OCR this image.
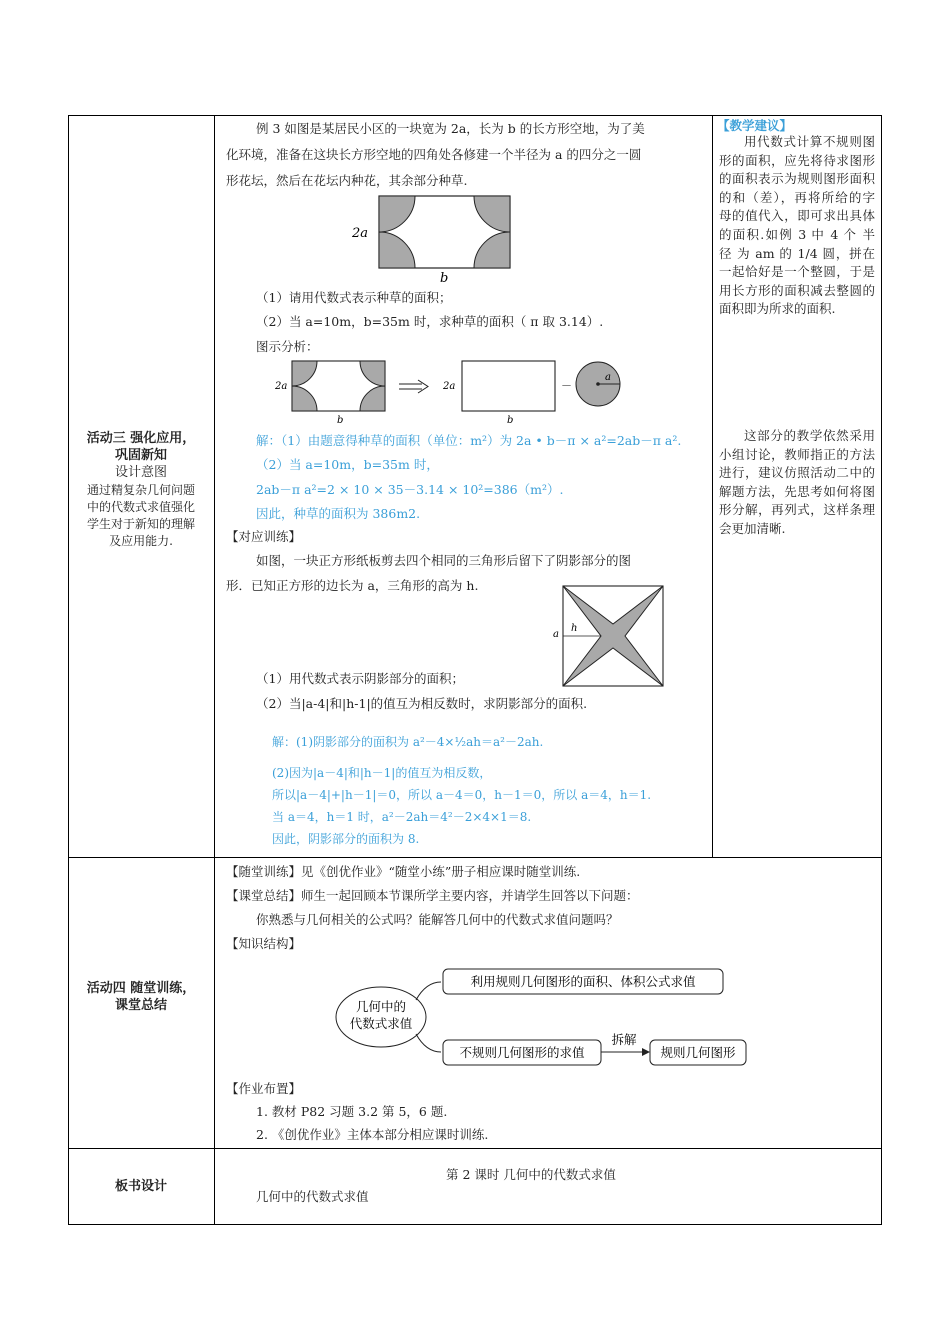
活动三 强化应用，
巩固新知
设计意图
通过精复杂几何问题
中的代数式求值强化
学生对于新知的理解
及应用能力.
活动四 随堂训练，
课堂总结
板书设计
例 3 如图是某居民小区的一块宽为 2a，长为 b 的长方形空地，为了美
化环境，准备在这块长方形空地的四角处各修建一个半径为 a 的四分之一圆
形花坛，然后在花坛内种花，其余部分种草.
2a
b
（1）请用代数式表示种草的面积；
（2）当 a=10m，b=35m 时，求种草的面积（ π 取 3.14）.
图示分析：
2a
b
2a
b
－
a
解：（1）由题意得种草的面积（单位：m²）为 2a • b－π × a²=2ab－π a².
（2）当 a=10m，b=35m 时，
2ab－π a²=2 × 10 × 35－3.14 × 10²=386（m²）.
因此，种草的面积为 386m2.
【对应训练】
如图，一块正方形纸板剪去四个相同的三角形后留下了阴影部分的图
形．已知正方形的边长为 a，三角形的高为 h.
a
h
（1）用代数式表示阴影部分的面积；
（2）当|a-4|和|h-1|的值互为相反数时，求阴影部分的面积.
解：(1)阴影部分的面积为 a²－4×½ah＝a²－2ah.
(2)因为|a－4|和|h－1|的值互为相反数，
所以|a－4|+|h－1|＝0，所以 a－4＝0，h－1＝0，所以 a＝4，h＝1.
当 a＝4，h＝1 时，a²－2ah＝4²－2×4×1＝8.
因此，阴影部分的面积为 8.
【教学建议】

用代数式计算不规则图形的面积，应先将待求图形的面积表示为规则图形面积的和（差），再将所给的字母的值代入，即可求出具体的面积.如例 3 中 4 个 半 径 为 am 的 1/4 圆，拼在一起恰好是一个整圆，于是用长方形的面积减去整圆的面积即为所求的面积.

这部分的教学依然采用小组讨论，教师指正的方法进行，建议仿照活动二中的解题方法，先思考如何将图形分解，再列式，这样条理会更加清晰.

【随堂训练】见《创优作业》“随堂小练”册子相应课时随堂训练.
【课堂总结】师生一起回顾本节课所学主要内容，并请学生回答以下问题：
你熟悉与几何相关的公式吗？能解答几何中的代数式求值问题吗？
【知识结构】
几何中的
代数式求值
利用规则几何图形的面积、体积公式求值
不规则几何图形的求值
拆解
规则几何图形
【作业布置】
1. 教材 P82 习题 3.2 第 5，6 题.
2. 《创优作业》主体本部分相应课时训练.
第 2 课时 几何中的代数式求值
几何中的代数式求值
